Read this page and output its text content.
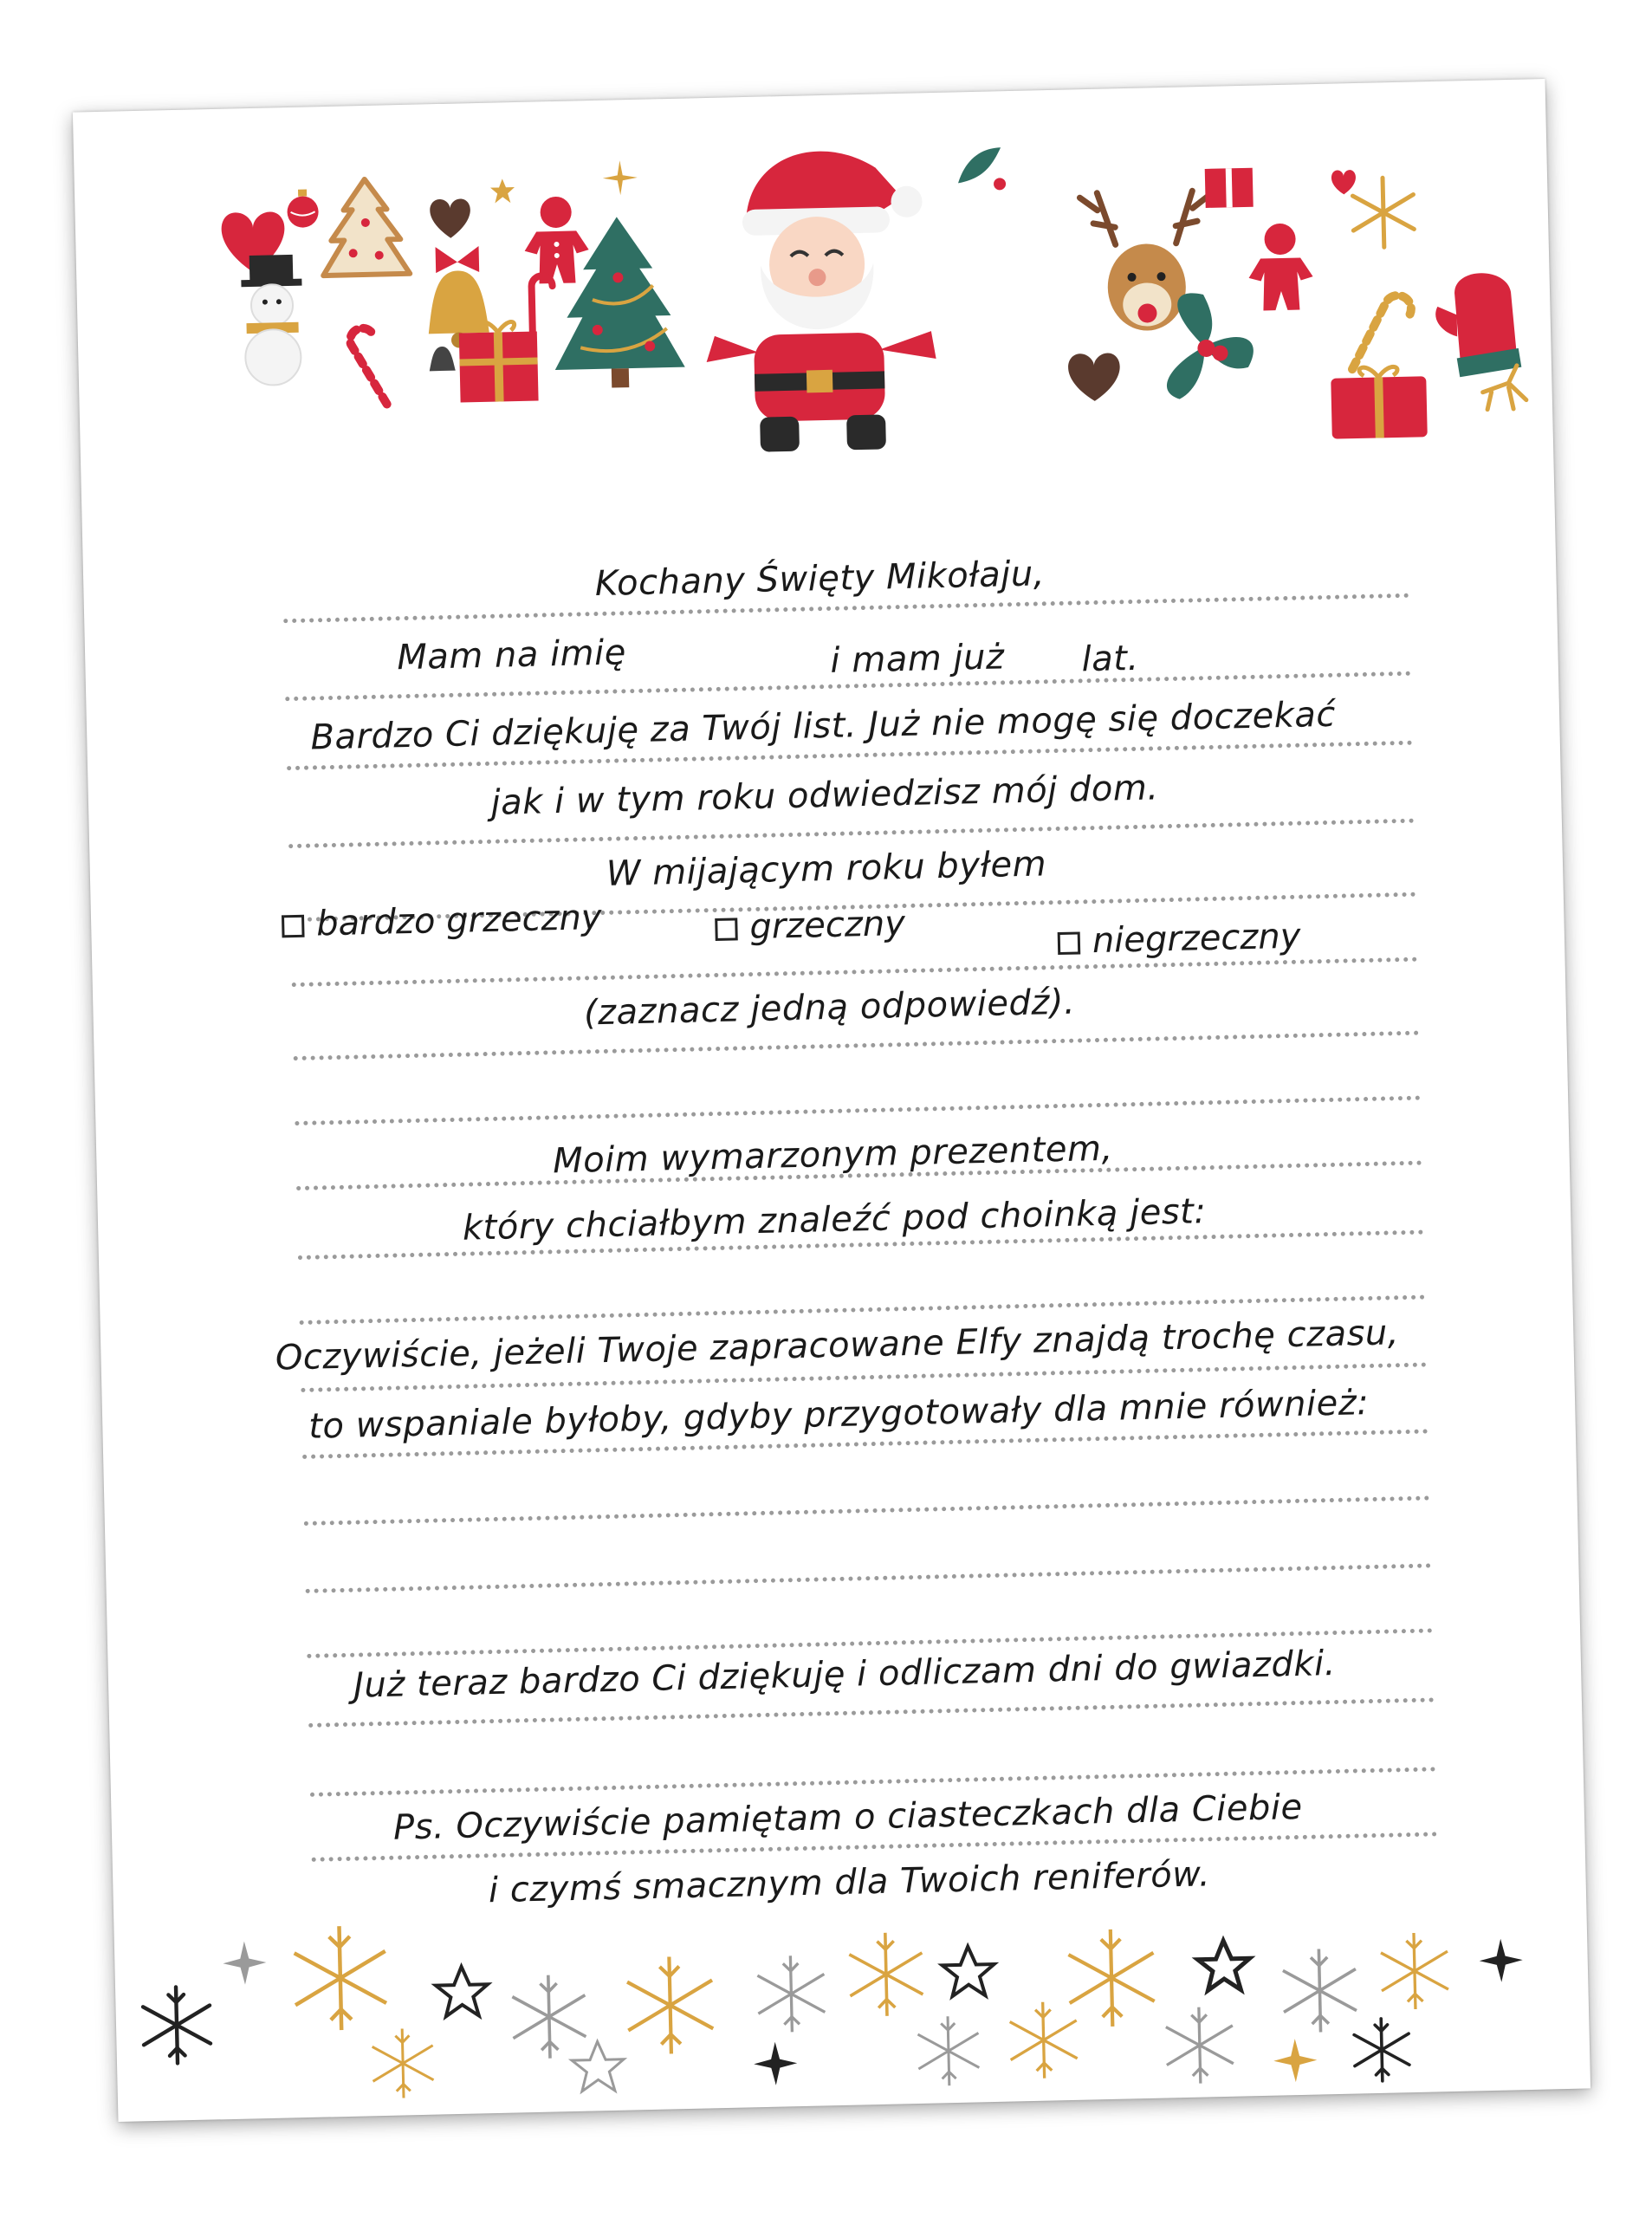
Kochany Święty Mikołaju,
Mam na imię	i mam już lat.
Bardzo Ci dziękuję za Twój list. Już nie mogę się doczekać
jak i w tym roku odwiedzisz mój dom.
W mijającym roku byłem
bardzo grzeczny	grzeczny	niegrzeczny
(zaznacz jedną odpowiedź).
Moim wymarzonym prezentem,
który chciałbym znaleźć pod choinką jest:
Oczywiście, jeżeli Twoje zapracowane Elfy znajdą trochę czasu,
to wspaniale byłoby, gdyby przygotowały dla mnie również:
Już teraz bardzo Ci dziękuję i odliczam dni do gwiazdki.
Ps. Oczywiście pamiętam o ciasteczkach dla Ciebie
i czymś smacznym dla Twoich reniferów.
